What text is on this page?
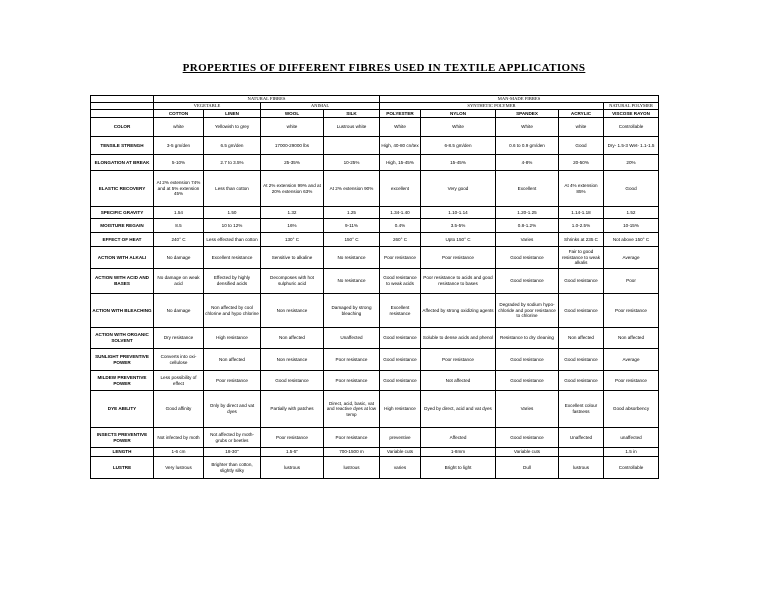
PROPERTIES OF DIFFERENT FIBRES USED IN TEXTILE APPLICATIONS
	NATURAL FIBRES				MAN-MADE FIBRES				
	VEGETABLE		ANIMAL		SYNTHETIC POLYMER				NATURAL POLYMER
	COTTON	LINEN	WOOL	SILK	POLYESTER	NYLON	SPANDEX	ACRYLIC	VISCOSE RAYON
COLOR	white	Yellowish to grey	white	Lustrous white	White	White	White	white	Controllable
TENSILE STRENGH	3-5 gm/den	6.5 gm/den	17000-29000 lbs		High, 40-80 cn/tex	6-8.5 gm/den	0.6 to 0.9 gm/den	Good	Dry- 1.5-3 Wet- 1.1-1.5
ELONGATION AT BREAK	5-10%	2.7 to 3.5%	25-35%	10-25%	High, 15-45%	15-45%	4-8%	20-50%	20%
ELASTIC RECOVERY	At 2% extension 74% and at 5% extension 45%	Less than cotton	At 2% extension 99% and at 20% extension 63%	At 2% extension 90%	excellent	Very good	Excellent	At 4% extension 85%	Good
SPECIFIC GRAVITY	1.54	1.50	1.32	1.25	1.34-1.40	1.10-1.14	1.20-1.25	1.14-1.18	1.52
MOISTURE REGAIN	8.5	10 to 12%	16%	9-11%	0.4%	3.5-5%	0.8-1.2%	1.0-2.5%	10-15%
EFFECT OF HEAT	240° C	Less effected than cotton	130° C	150° C	260° C	Upto 150° C	Varies	Shrinks at 235 C	Not above 150° C
ACTION WITH ALKALI	No damage	Excellent resistance	Sensitive to alkaline	No resistance	Poor resistance	Poor resistance	Good resistance	Fair to good resistance to weak alkalis	Average
ACTION WITH ACID AND BASES	No damage on weak acid	Effected by highly densified acids	Decomposes with hot sulphuric acid	No resistance	Good resistance to weak acids	Poor resistance to acids and good resistance to bases	Good resistance	Good resistance	Poor
ACTION WITH BLEACHING	No damage	Non affected by cool chlorine and hypo chlorine	Non resistance	Damaged by strong bleaching	Excellent resistance	Affected by strong oxidizing agents	Degraded by sodium hypo- chloride and poor resistance to chlorine	Good resistance	Poor resistance
ACTION WITH ORGANIC SOLVENT	Dry resistance	High resistance	Non affected	Unaffected	Good resistance	Soluble to dense acids and phenol	Resistance to dry cleaning	Non affected	Non affected
SUNLIGHT PREVENTIVE POWER	Converts into oxi-cellulose	Non affected	Non resistance	Poor resistance	Good resistance	Poor resistance	Good resistance	Good resistance	Average
MILDEW PREVENTIVE POWER	Less possibility of effect	Poor resistance	Good resistance	Poor resistance	Good resistance	Not affected	Good resistance	Good resistance	Poor resistance
DYE ABILITY	Good affinity	Only by direct and vat dyes	Partially with patches	Direct, acid, basic, vat and reactive dyes at low temp	High resistance	Dyed by direct, acid and vat dyes	Varies	Excellent colour fastness	Good absorbency
INSECTS PREVENTIVE POWER	Not infected by moth	Not affected by moth-grubs or beetles	Poor resistance	Poor resistance	preventive	Affected	Good resistance	Unaffected	unaffected
LENGTH	1-6 cm	18-30"	1.5-5"	700-1500 m	Variable cuts	1-8mm	Variable cuts		1.5 in
LUSTRE	Very lustrous	Brighter than cotton, slightly silky	lustrous	lustrous	varies	Bright to light	Dull	lustrous	Controllable
